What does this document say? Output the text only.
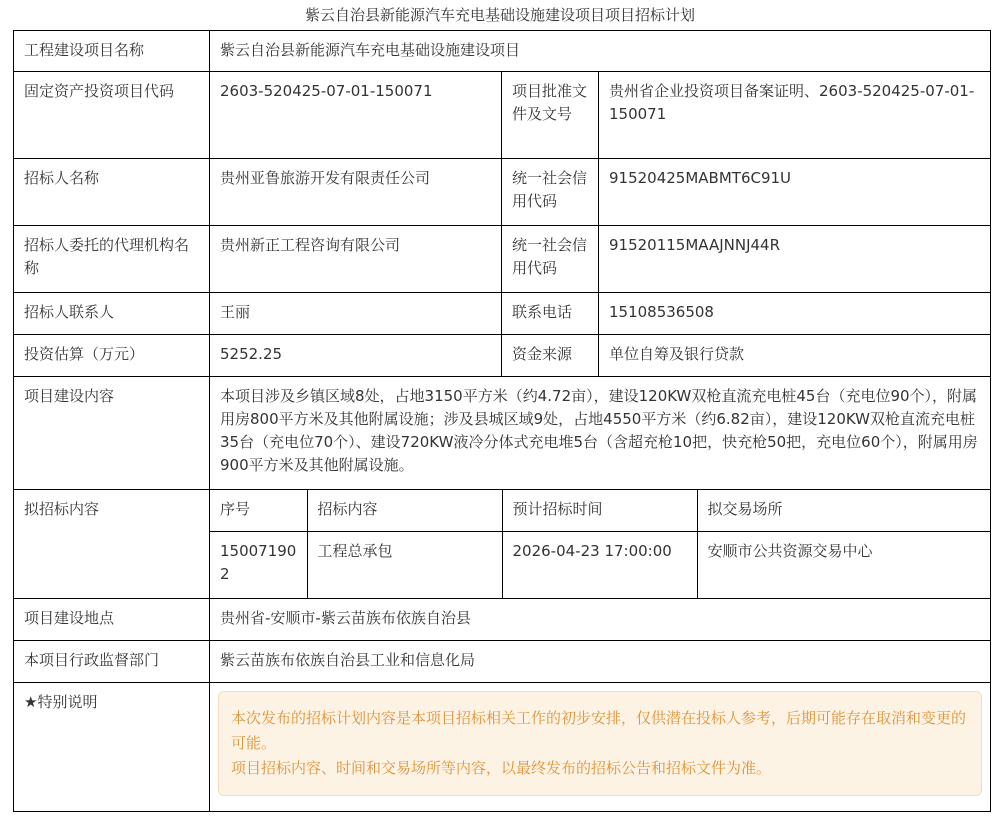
紫云自治县新能源汽车充电基础设施建设项目项目招标计划
工程建设项目名称	紫云自治县新能源汽车充电基础设施建设项目
固定资产投资项目代码	2603-520425-07-01-150071	项目批准文件及文号	贵州省企业投资项目备案证明、2603-520425-07-01-150071
招标人名称	贵州亚鲁旅游开发有限责任公司	统一社会信用代码	91520425MABMT6C91U
招标人委托的代理机构名称	贵州新正工程咨询有限公司	统一社会信用代码	91520115MAAJNNJ44R
招标人联系人	王丽	联系电话	15108536508
投资估算（万元）	5252.25	资金来源	单位自筹及银行贷款
项目建设内容	本项目涉及乡镇区域8处，占地3150平方米（约4.72亩），建设120KW双枪直流充电桩45台（充电位90个），附属用房800平方米及其他附属设施；涉及县城区域9处，占地4550平方米（约6.82亩），建设120KW双枪直流充电桩35台（充电位70个）、建设720KW液冷分体式充电堆5台（含超充枪10把，快充枪50把，充电位60个），附属用房900平方米及其他附属设施。
拟招标内容		序号	招标内容	预计招标时间	拟交易场所
150071902	工程总承包	2026-04-23 17:00:00	安顺市公共资源交易中心

项目建设地点	贵州省-安顺市-紫云苗族布依族自治县
本项目行政监督部门	紫云苗族布依族自治县工业和信息化局
★特别说明	
本次发布的招标计划内容是本项目招标相关工作的初步安排，仅供潜在投标人参考，后期可能存在取消和变更的可能。
项目招标内容、时间和交易场所等内容，以最终发布的招标公告和招标文件为准。
